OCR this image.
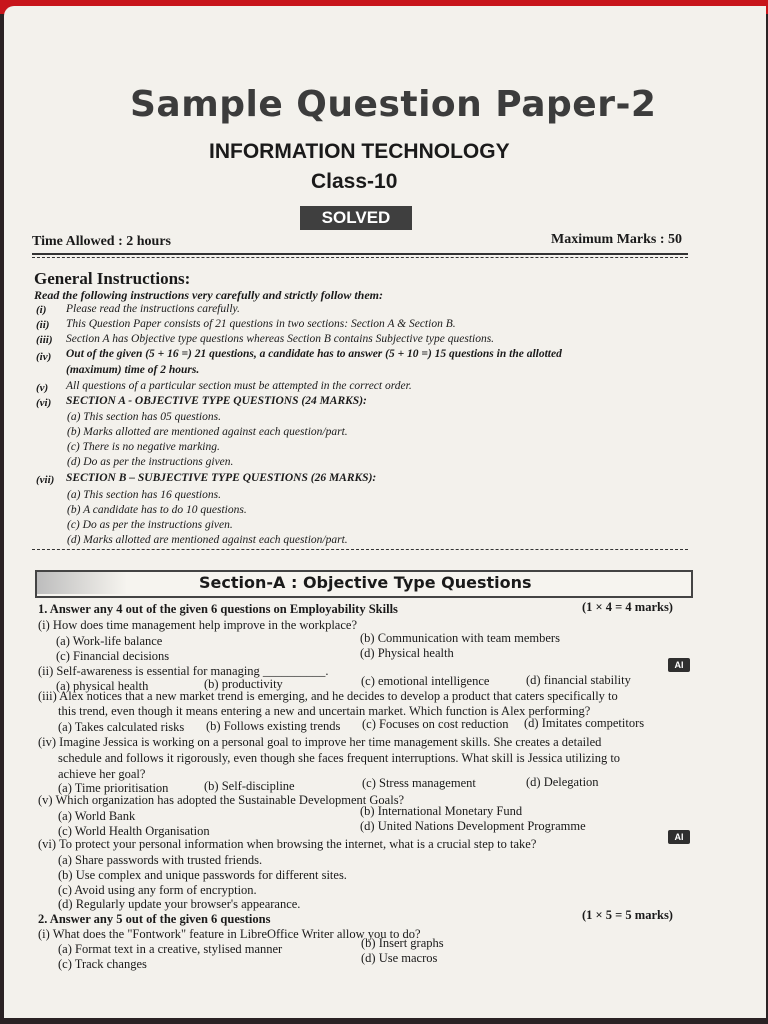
Sample Question Paper-2
INFORMATION TECHNOLOGY
Class-10
SOLVED
Time Allowed : 2 hours	Maximum Marks : 50
General Instructions:
Read the following instructions very carefully and strictly follow them:
(i) Please read the instructions carefully.
(ii) This Question Paper consists of 21 questions in two sections: Section A & Section B.
(iii) Section A has Objective type questions whereas Section B contains Subjective type questions.
(iv) Out of the given (5 + 16 =) 21 questions, a candidate has to answer (5 + 10 =) 15 questions in the allotted
(maximum) time of 2 hours.
(v) All questions of a particular section must be attempted in the correct order.
(vi) SECTION A - OBJECTIVE TYPE QUESTIONS (24 MARKS):
(a) This section has 05 questions.
(b) Marks allotted are mentioned against each question/part.
(c) There is no negative marking.
(d) Do as per the instructions given.
(vii) SECTION B – SUBJECTIVE TYPE QUESTIONS (26 MARKS):
(a) This section has 16 questions.
(b) A candidate has to do 10 questions.
(c) Do as per the instructions given.
(d) Marks allotted are mentioned against each question/part.
Section-A : Objective Type Questions
1. Answer any 4 out of the given 6 questions on Employability Skills	(1 × 4 = 4 marks)
(i) How does time management help improve in the workplace?
(a) Work-life balance	(b) Communication with team members
(c) Financial decisions	(d) Physical health
(ii) Self-awareness is essential for managing __________.	AI
(a) physical health	(b) productivity	(c) emotional intelligence	(d) financial stability
(iii) Alex notices that a new market trend is emerging, and he decides to develop a product that caters specifically to
this trend, even though it means entering a new and uncertain market. Which function is Alex performing?
(a) Takes calculated risks (b) Follows existing trends (c) Focuses on cost reduction (d) Imitates competitors
(iv) Imagine Jessica is working on a personal goal to improve her time management skills. She creates a detailed
schedule and follows it rigorously, even though she faces frequent interruptions. What skill is Jessica utilizing to
achieve her goal?
(a) Time prioritisation	(b) Self-discipline	(c) Stress management	(d) Delegation
(v) Which organization has adopted the Sustainable Development Goals?
(a) World Bank	(b) International Monetary Fund
(c) World Health Organisation	(d) United Nations Development Programme
(vi) To protect your personal information when browsing the internet, what is a crucial step to take?	AI
(a) Share passwords with trusted friends.
(b) Use complex and unique passwords for different sites.
(c) Avoid using any form of encryption.
(d) Regularly update your browser's appearance.
2. Answer any 5 out of the given 6 questions	(1 × 5 = 5 marks)
(i) What does the "Fontwork" feature in LibreOffice Writer allow you to do?
(a) Format text in a creative, stylised manner	(b) Insert graphs
(c) Track changes	(d) Use macros
